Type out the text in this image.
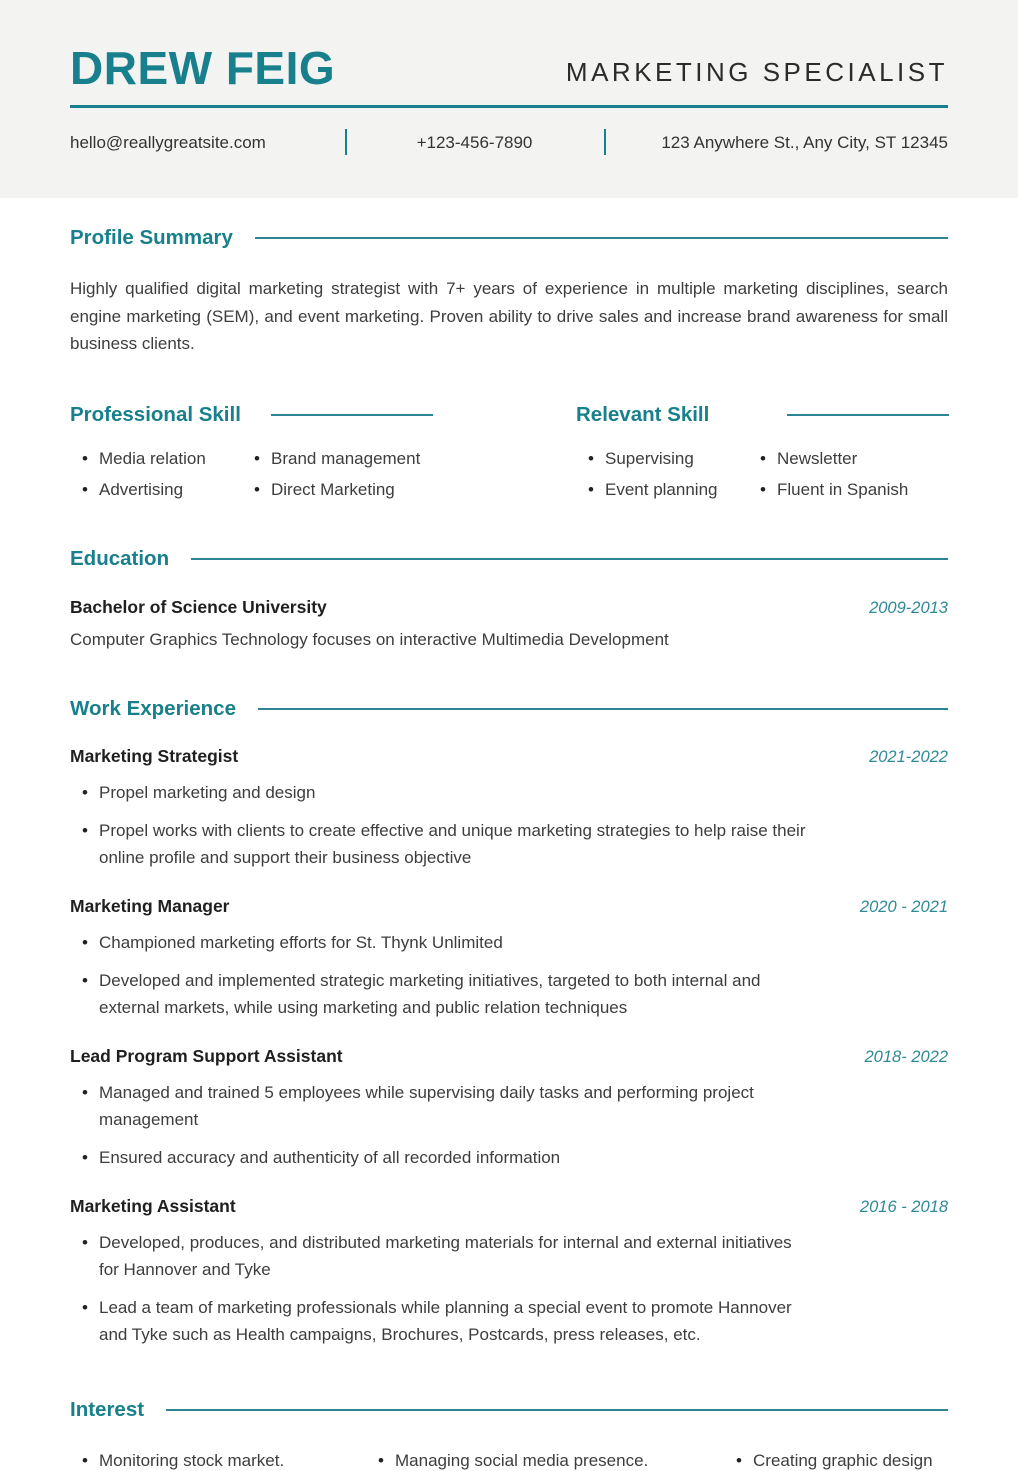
DREW FEIG	MARKETING SPECIALIST
hello@reallygreatsite.com	+123-456-7890	123 Anywhere St., Any City, ST 12345
Profile Summary

Highly qualified digital marketing strategist with 7+ years of experience in multiple marketing disciplines, search engine marketing (SEM), and event marketing. Proven ability to drive sales and increase brand awareness for small business clients.

Professional Skill
• Media relation	• Brand management
• Advertising	• Direct Marketing
Relevant Skill
• Supervising	• Newsletter
• Event planning	• Fluent in Spanish
Education
Bachelor of Science University	2009-2013
Computer Graphics Technology focuses on interactive Multimedia Development
Work Experience
Marketing Strategist	2021-2022
• Propel marketing and design
• Propel works with clients to create effective and unique marketing strategies to help raise their online profile and support their business objective
Marketing Manager	2020 - 2021
• Championed marketing efforts for St. Thynk Unlimited
• Developed and implemented strategic marketing initiatives, targeted to both internal and external markets, while using marketing and public relation techniques
Lead Program Support Assistant	2018- 2022
• Managed and trained 5 employees while supervising daily tasks and performing project management
• Ensured accuracy and authenticity of all recorded information
Marketing Assistant	2016 - 2018
• Developed, produces, and distributed marketing materials for internal and external initiatives for Hannover and Tyke
• Lead a team of marketing professionals while planning a special event to promote Hannover and Tyke such as Health campaigns, Brochures, Postcards, press releases, etc.
Interest
• Monitoring stock market.	• Managing social media presence.	• Creating graphic design
